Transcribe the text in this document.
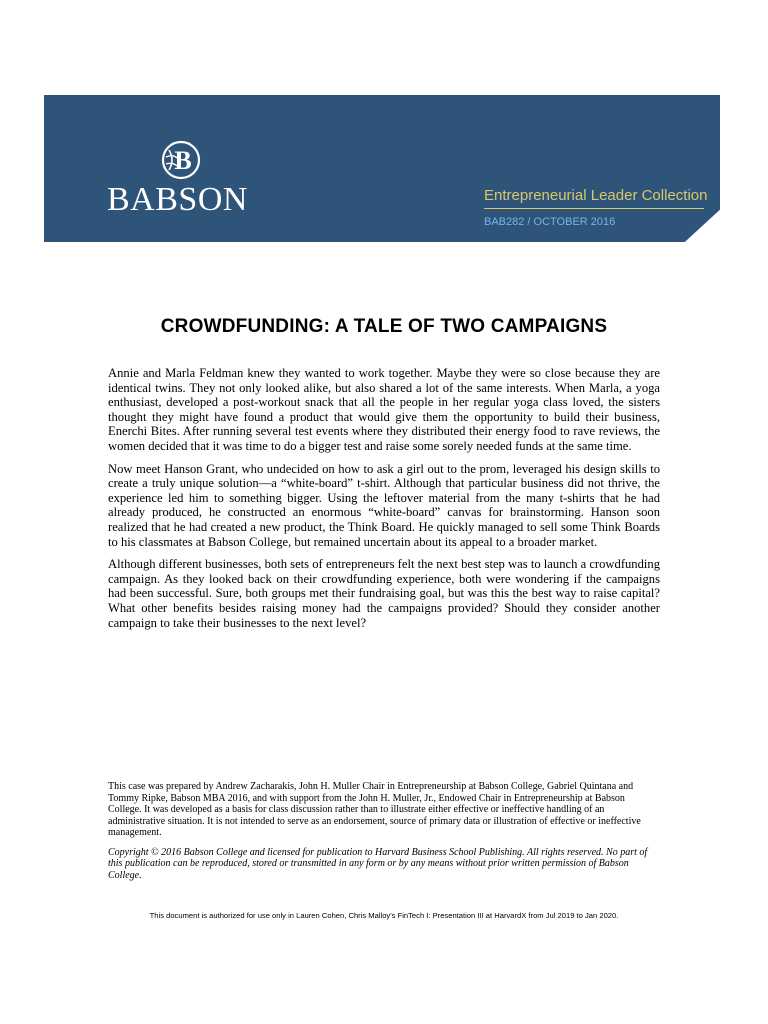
B
BABSON	Entrepreneurial Leader Collection
BAB282 / OCTOBER 2016
CROWDFUNDING: A TALE OF TWO CAMPAIGNS

Annie and Marla Feldman knew they wanted to work together. Maybe they were so close because they are identical twins. They not only looked alike, but also shared a lot of the same interests. When Marla, a yoga enthusiast, developed a post-workout snack that all the people in her regular yoga class loved, the sisters thought they might have found a product that would give them the opportunity to build their business, Enerchi Bites. After running several test events where they distributed their energy food to rave reviews, the women decided that it was time to do a bigger test and raise some sorely needed funds at the same time.

Now meet Hanson Grant, who undecided on how to ask a girl out to the prom, leveraged his design skills to create a truly unique solution—a “white-board” t-shirt. Although that particular business did not thrive, the experience led him to something bigger. Using the leftover material from the many t-shirts that he had already produced, he constructed an enormous “white-board” canvas for brainstorming. Hanson soon realized that he had created a new product, the Think Board. He quickly managed to sell some Think Boards to his classmates at Babson College, but remained uncertain about its appeal to a broader market.

Although different businesses, both sets of entrepreneurs felt the next best step was to launch a crowdfunding campaign. As they looked back on their crowdfunding experience, both were wondering if the campaigns had been successful. Sure, both groups met their fundraising goal, but was this the best way to raise capital? What other benefits besides raising money had the campaigns provided? Should they consider another campaign to take their businesses to the next level?

This case was prepared by Andrew Zacharakis, John H. Muller Chair in Entrepreneurship at Babson College, Gabriel Quintana and Tommy Ripke, Babson MBA 2016, and with support from the John H. Muller, Jr., Endowed Chair in Entrepreneurship at Babson College. It was developed as a basis for class discussion rather than to illustrate either effective or ineffective handling of an administrative situation. It is not intended to serve as an endorsement, source of primary data or illustration of effective or ineffective management.

Copyright © 2016 Babson College and licensed for publication to Harvard Business School Publishing. All rights reserved. No part of this publication can be reproduced, stored or transmitted in any form or by any means without prior written permission of Babson College.

This document is authorized for use only in Lauren Cohen, Chris Malloy's FinTech I: Presentation III at HarvardX from Jul 2019 to Jan 2020.
